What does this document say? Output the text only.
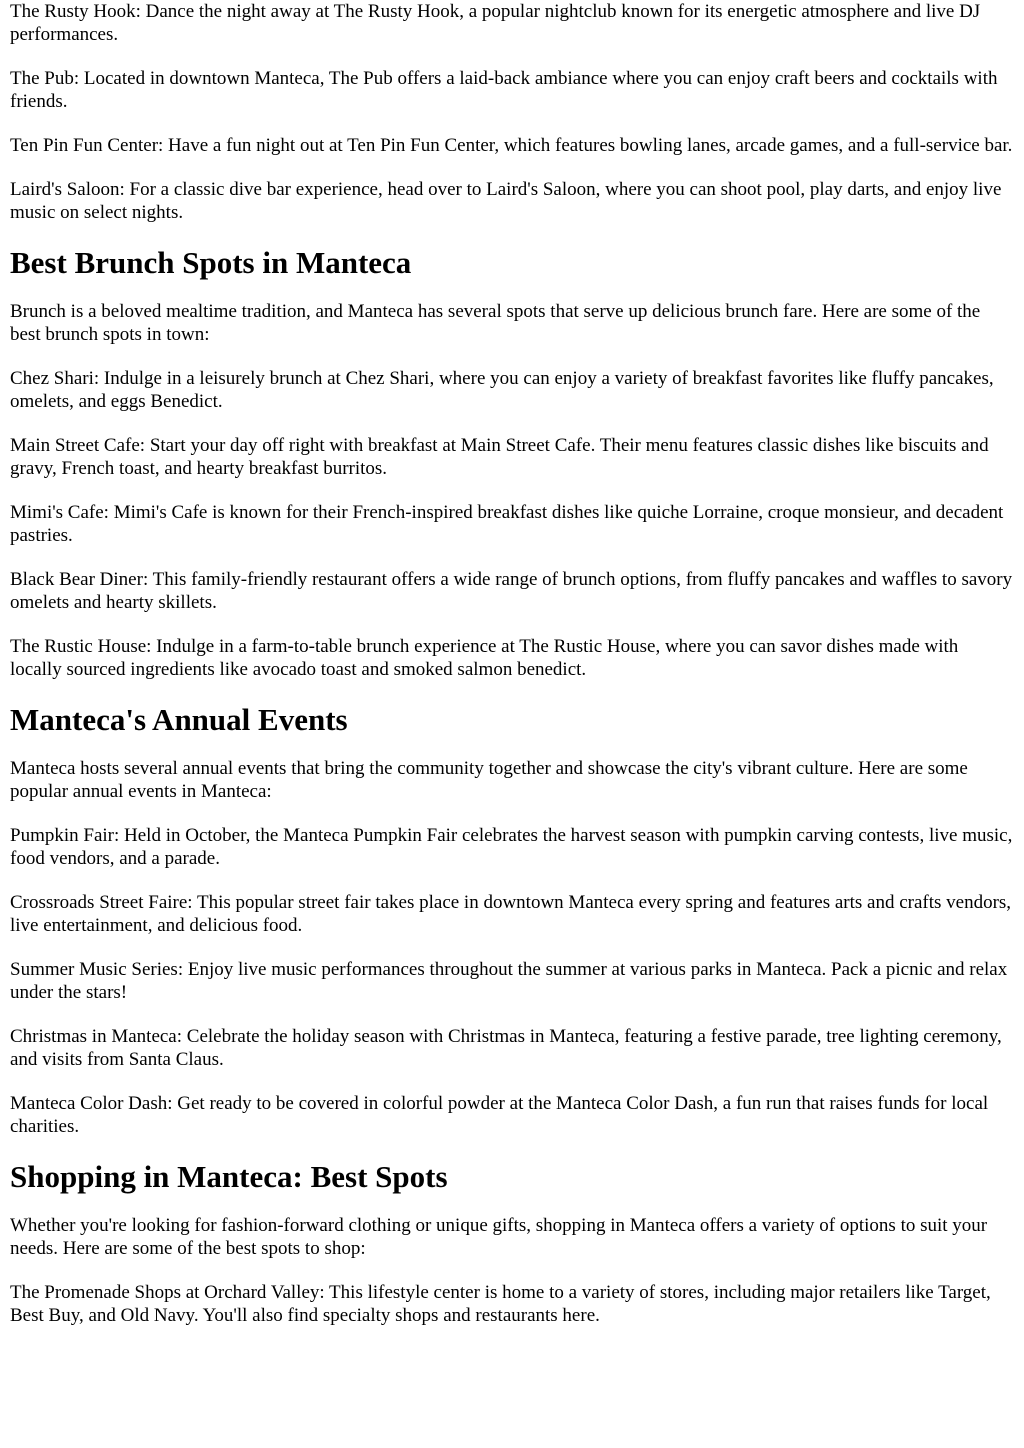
The Rusty Hook: Dance the night away at The Rusty Hook, a popular nightclub known for its energetic atmosphere and live DJ performances.

The Pub: Located in downtown Manteca, The Pub offers a laid-back ambiance where you can enjoy craft beers and cocktails with friends.

Ten Pin Fun Center: Have a fun night out at Ten Pin Fun Center, which features bowling lanes, arcade games, and a full-service bar.

Laird's Saloon: For a classic dive bar experience, head over to Laird's Saloon, where you can shoot pool, play darts, and enjoy live music on select nights.

Best Brunch Spots in Manteca

Brunch is a beloved mealtime tradition, and Manteca has several spots that serve up delicious brunch fare. Here are some of the best brunch spots in town:

Chez Shari: Indulge in a leisurely brunch at Chez Shari, where you can enjoy a variety of breakfast favorites like fluffy pancakes, omelets, and eggs Benedict.

Main Street Cafe: Start your day off right with breakfast at Main Street Cafe. Their menu features classic dishes like biscuits and gravy, French toast, and hearty breakfast burritos.

Mimi's Cafe: Mimi's Cafe is known for their French-inspired breakfast dishes like quiche Lorraine, croque monsieur, and decadent pastries.

Black Bear Diner: This family-friendly restaurant offers a wide range of brunch options, from fluffy pancakes and waffles to savory omelets and hearty skillets.

The Rustic House: Indulge in a farm-to-table brunch experience at The Rustic House, where you can savor dishes made with locally sourced ingredients like avocado toast and smoked salmon benedict.

Manteca's Annual Events

Manteca hosts several annual events that bring the community together and showcase the city's vibrant culture. Here are some popular annual events in Manteca:

Pumpkin Fair: Held in October, the Manteca Pumpkin Fair celebrates the harvest season with pumpkin carving contests, live music, food vendors, and a parade.

Crossroads Street Faire: This popular street fair takes place in downtown Manteca every spring and features arts and crafts vendors, live entertainment, and delicious food.

Summer Music Series: Enjoy live music performances throughout the summer at various parks in Manteca. Pack a picnic and relax under the stars!

Christmas in Manteca: Celebrate the holiday season with Christmas in Manteca, featuring a festive parade, tree lighting ceremony, and visits from Santa Claus.

Manteca Color Dash: Get ready to be covered in colorful powder at the Manteca Color Dash, a fun run that raises funds for local charities.

Shopping in Manteca: Best Spots

Whether you're looking for fashion-forward clothing or unique gifts, shopping in Manteca offers a variety of options to suit your needs. Here are some of the best spots to shop:

The Promenade Shops at Orchard Valley: This lifestyle center is home to a variety of stores, including major retailers like Target, Best Buy, and Old Navy. You'll also find specialty shops and restaurants here.
